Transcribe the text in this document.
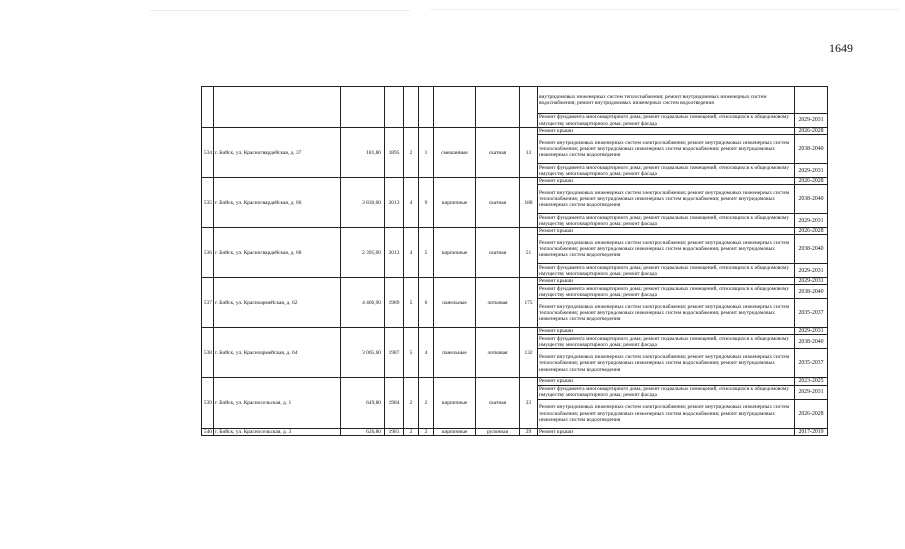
1649
									внутридомовых инженерных систем теплоснабжения; ремонт внутридомовых инженерных систем водоснабжения; ремонт внутридомовых инженерных систем водоотведения	
									Ремонт фундамента многоквартирного дома; ремонт подвальных помещений, относящихся к общедомовому имуществу многоквартирного дома; ремонт фасада	2029-2031
534	г. Бийск, ул. Красногвардейская, д. 37	181,80	1895	2	1	смешанные	скатная	13	Ремонт крыши	2026-2028
									Ремонт внутридомовых инженерных систем электроснабжения; ремонт внутридомовых инженерных систем теплоснабжения; ремонт внутридомовых инженерных систем водоснабжения; ремонт внутридомовых инженерных систем водоотведения	2038-2040
									Ремонт фундамента многоквартирного дома; ремонт подвальных помещений, относящихся к общедомовому имуществу многоквартирного дома; ремонт фасада	2029-2031
535	г. Бийск, ул. Красногвардейская, д. 66	3 830,00	2013	4	9	кирпичные	скатная	188	Ремонт крыши	2026-2028
									Ремонт внутридомовых инженерных систем электроснабжения; ремонт внутридомовых инженерных систем теплоснабжения; ремонт внутридомовых инженерных систем водоснабжения; ремонт внутридомовых инженерных систем водоотведения	2038-2040
									Ремонт фундамента многоквартирного дома; ремонт подвальных помещений, относящихся к общедомовому имуществу многоквартирного дома; ремонт фасада	2029-2031
536	г. Бийск, ул. Красногвардейская, д. 68	2 395,00	2013	4	5	кирпичные	скатная	51	Ремонт крыши	2026-2028
									Ремонт внутридомовых инженерных систем электроснабжения; ремонт внутридомовых инженерных систем теплоснабжения; ремонт внутридомовых инженерных систем водоснабжения; ремонт внутридомовых инженерных систем водоотведения	2038-2040
									Ремонт фундамента многоквартирного дома; ремонт подвальных помещений, относящихся к общедомовому имуществу многоквартирного дома; ремонт фасада	2029-2031
537	г. Бийск, ул. Красноармейская, д. 62	4 466,90	1989	5	6	панельные	лотковая	175	Ремонт крыши	2029-2031
									Ремонт фундамента многоквартирного дома; ремонт подвальных помещений, относящихся к общедомовому имуществу многоквартирного дома; ремонт фасада	2038-2040
									Ремонт внутридомовых инженерных систем электроснабжения; ремонт внутридомовых инженерных систем теплоснабжения; ремонт внутридомовых инженерных систем водоснабжения; ремонт внутридомовых инженерных систем водоотведения	2035-2037
538	г. Бийск, ул. Красноармейская, д. 64	3 005,60	1987	5	4	панельные	лотковая	132	Ремонт крыши	2029-2031
									Ремонт фундамента многоквартирного дома; ремонт подвальных помещений, относящихся к общедомовому имуществу многоквартирного дома; ремонт фасада	2038-2040
									Ремонт внутридомовых инженерных систем электроснабжения; ремонт внутридомовых инженерных систем теплоснабжения; ремонт внутридомовых инженерных систем водоснабжения; ремонт внутридомовых инженерных систем водоотведения	2035-2037
539	г. Бийск, ул. Красносельская, д. 1	649,80	1984	2	2	кирпичные	скатная	23	Ремонт крыши	2023-2025
									Ремонт фундамента многоквартирного дома; ремонт подвальных помещений, относящихся к общедомовому имуществу многоквартирного дома; ремонт фасада	2029-2031
									Ремонт внутридомовых инженерных систем электроснабжения; ремонт внутридомовых инженерных систем теплоснабжения; ремонт внутридомовых инженерных систем водоснабжения; ремонт внутридомовых инженерных систем водоотведения	2026-2028
540	г. Бийск, ул. Красносельская, д. 3	626,80	1981	2	2	кирпичные	рулонная	29	Ремонт крыши	2017-2019
